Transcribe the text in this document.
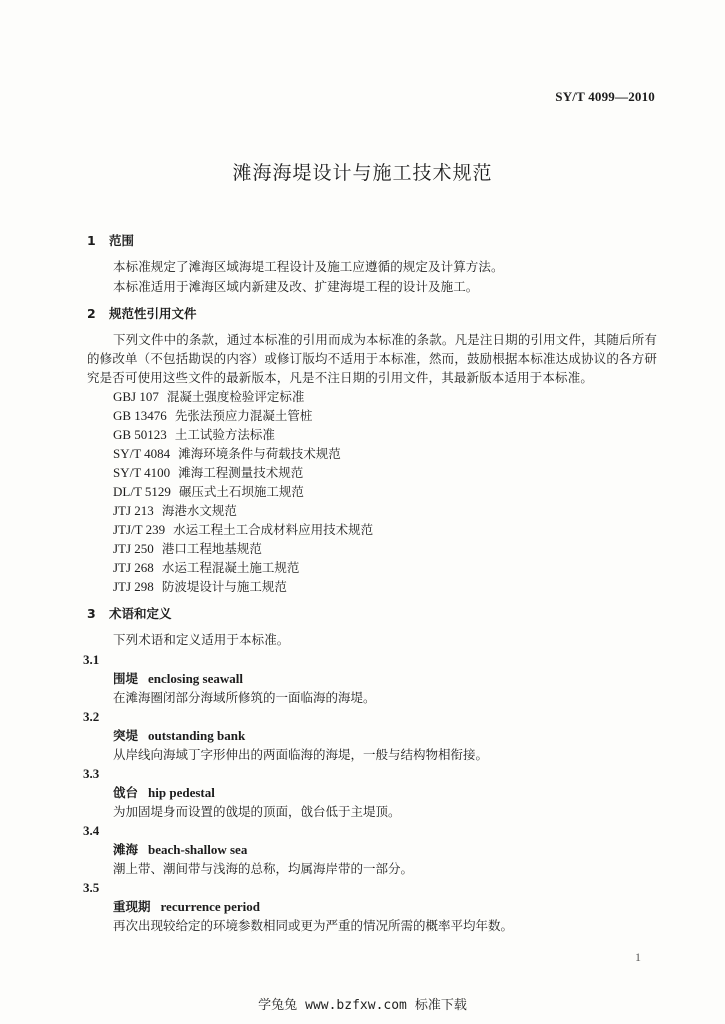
SY/T 4099—2010
滩海海堤设计与施工技术规范
1 范围
本标准规定了滩海区域海堤工程设计及施工应遵循的规定及计算方法。
本标准适用于滩海区域内新建及改、扩建海堤工程的设计及施工。
2 规范性引用文件
下列文件中的条款，通过本标准的引用而成为本标准的条款。凡是注日期的引用文件，其随后所有的修改单（不包括勘误的内容）或修订版均不适用于本标准，然而，鼓励根据本标准达成协议的各方研究是否可使用这些文件的最新版本，凡是不注日期的引用文件，其最新版本适用于本标准。
GBJ 107 混凝土强度检验评定标准
GB 13476 先张法预应力混凝土管桩
GB 50123 土工试验方法标准
SY/T 4084 滩海环境条件与荷载技术规范
SY/T 4100 滩海工程测量技术规范
DL/T 5129 碾压式土石坝施工规范
JTJ 213 海港水文规范
JTJ/T 239 水运工程土工合成材料应用技术规范
JTJ 250 港口工程地基规范
JTJ 268 水运工程混凝土施工规范
JTJ 298 防波堤设计与施工规范
3 术语和定义
下列术语和定义适用于本标准。
3.1
围堤 enclosing seawall
在滩海圈闭部分海域所修筑的一面临海的海堤。
3.2
突堤 outstanding bank
从岸线向海域丁字形伸出的两面临海的海堤，一般与结构物相衔接。
3.3
戗台 hip pedestal
为加固堤身而设置的戗堤的顶面，戗台低于主堤顶。
3.4
滩海 beach-shallow sea
潮上带、潮间带与浅海的总称，均属海岸带的一部分。
3.5
重现期 recurrence period
再次出现较给定的环境参数相同或更为严重的情况所需的概率平均年数。
1
学兔兔 www.bzfxw.com 标准下载
